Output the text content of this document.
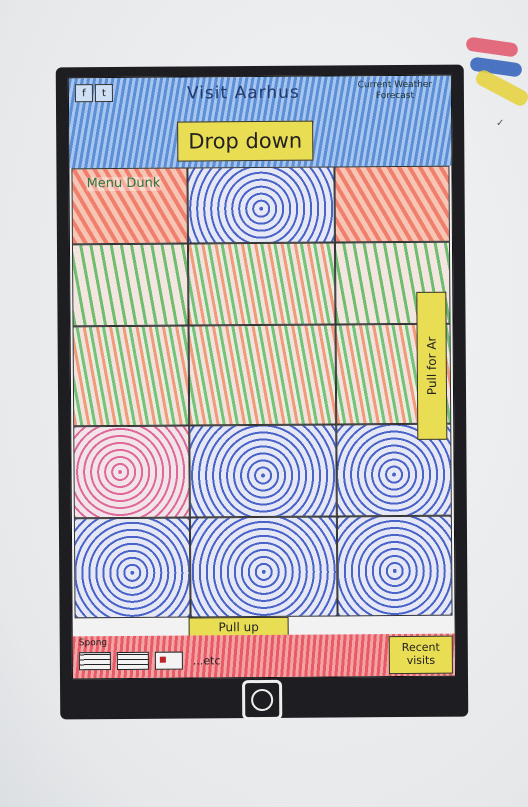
✓
f	t	Visit Aarhus	Current Weather Forecast
Drop down
Menu Dunk
Pull for Ar
Pull up
Spong
...etc
Recent visits
